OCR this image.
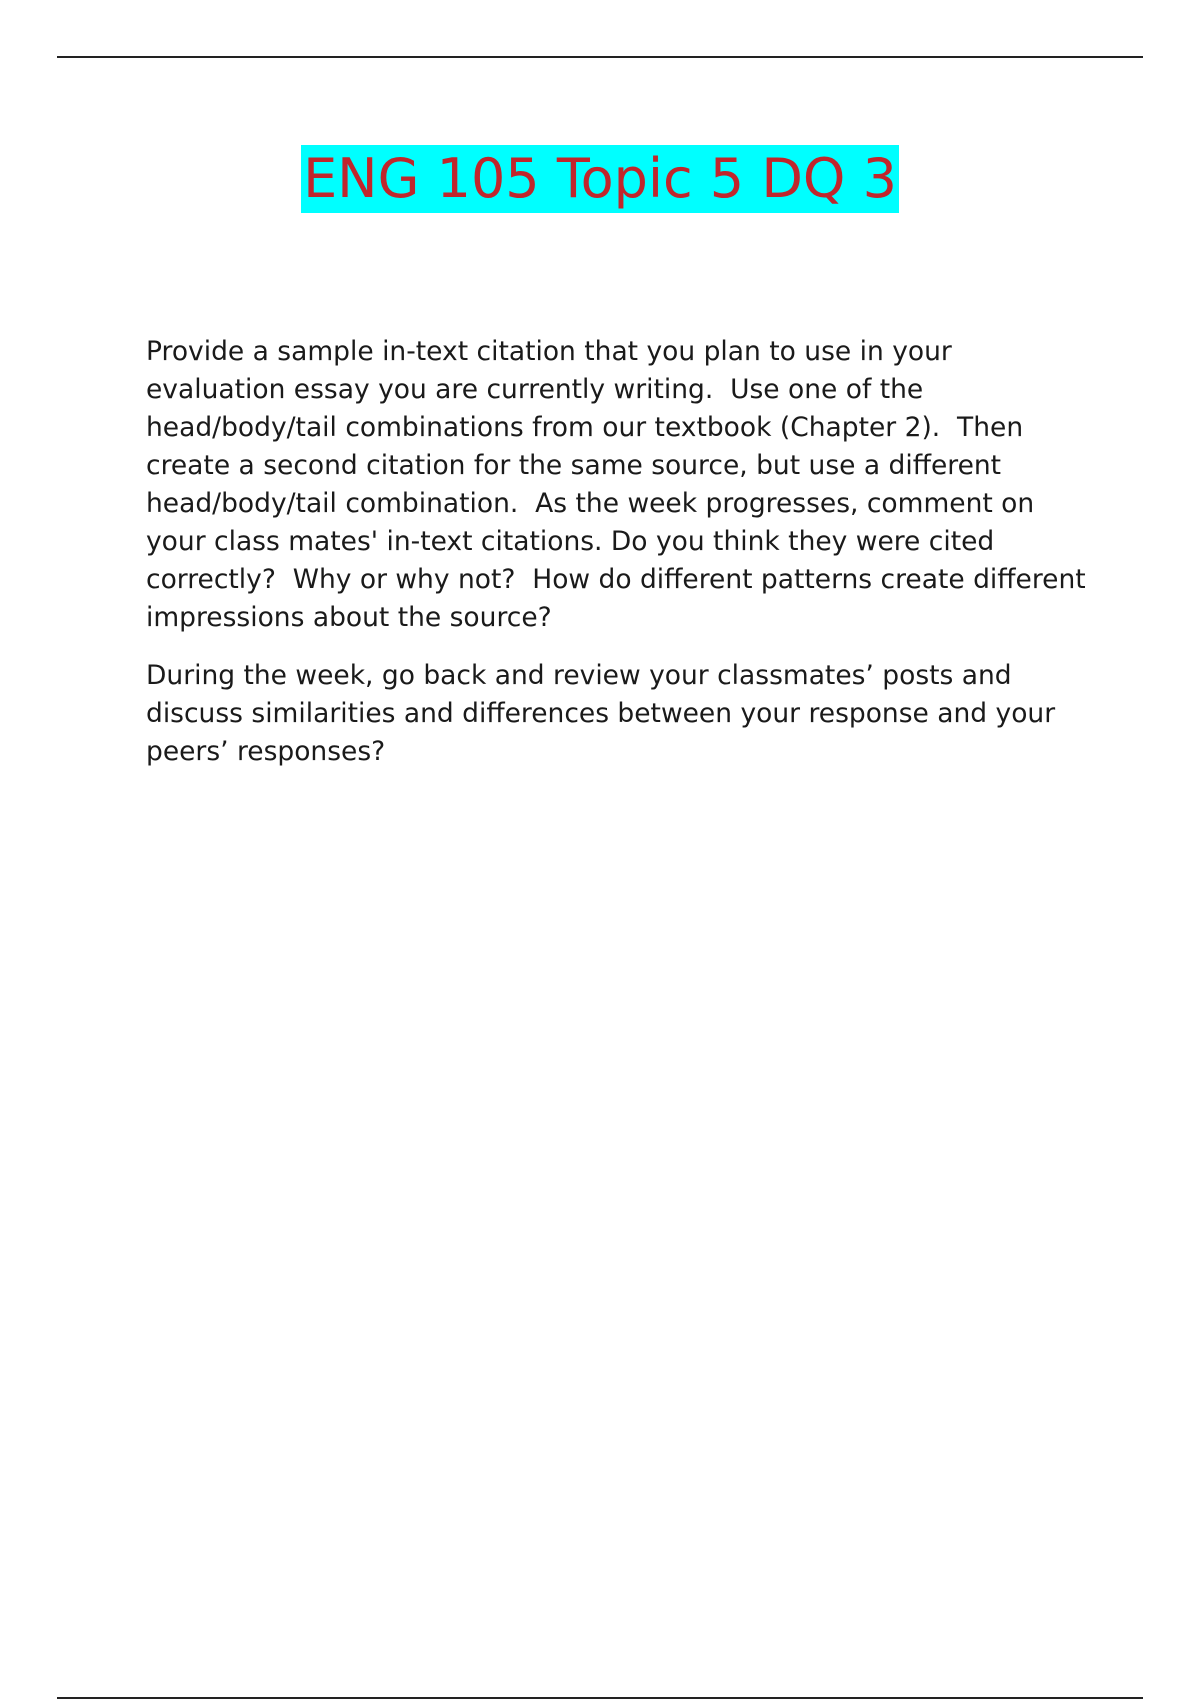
ENG 105 Topic 5 DQ 3

Provide a sample in-text citation that you plan to use in your evaluation essay you are currently writing.  Use one of the head/body/tail combinations from our textbook (Chapter 2).  Then create a second citation for the same source, but use a different head/body/tail combination.  As the week progresses, comment on your class mates' in-text citations. Do you think they were cited correctly?  Why or why not?  How do different patterns create different impressions about the source?

During the week, go back and review your classmates’ posts and discuss similarities and differences between your response and your peers’ responses?
